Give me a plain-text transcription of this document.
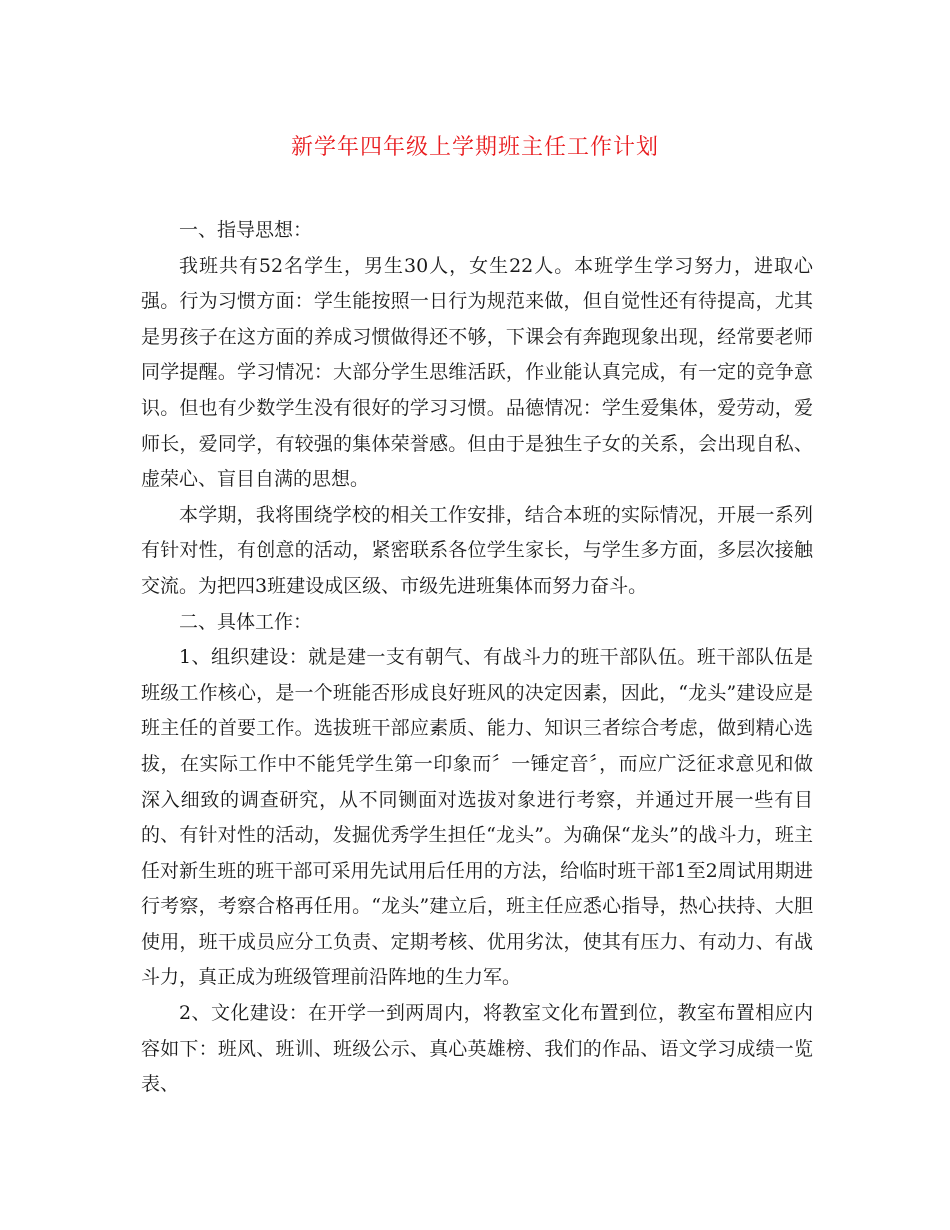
新学年四年级上学期班主任工作计划

一、指导思想：

我班共有52名学生，男生30人，女生22人。本班学生学习努力，进取心强。行为习惯方面：学生能按照一日行为规范来做，但自觉性还有待提高，尤其是男孩子在这方面的养成习惯做得还不够，下课会有奔跑现象出现，经常要老师同学提醒。学习情况：大部分学生思维活跃，作业能认真完成，有一定的竞争意识。但也有少数学生没有很好的学习习惯。品德情况：学生爱集体，爱劳动，爱师长，爱同学，有较强的集体荣誉感。但由于是独生子女的关系，会出现自私、虚荣心、盲目自满的思想。

本学期，我将围绕学校的相关工作安排，结合本班的实际情况，开展一系列有针对性，有创意的活动，紧密联系各位学生家长，与学生多方面，多层次接触交流。为把四3班建设成区级、市级先进班集体而努力奋斗。

二、具体工作：

1、组织建设：就是建一支有朝气、有战斗力的班干部队伍。班干部队伍是班级工作核心，是一个班能否形成良好班风的决定因素，因此，“龙头”建设应是班主任的首要工作。选拔班干部应素质、能力、知识三者综合考虑，做到精心选拔，在实际工作中不能凭学生第一印象而〞一锤定音〞，而应广泛征求意见和做深入细致的调查研究，从不同铡面对选拔对象进行考察，并通过开展一些有目的、有针对性的活动，发掘优秀学生担任“龙头”。为确保“龙头”的战斗力，班主任对新生班的班干部可采用先试用后任用的方法，给临时班干部1至2周试用期进行考察，考察合格再任用。“龙头”建立后，班主任应悉心指导，热心扶持、大胆使用，班干成员应分工负责、定期考核、优用劣汰，使其有压力、有动力、有战斗力，真正成为班级管理前沿阵地的生力军。

2、文化建设：在开学一到两周内，将教室文化布置到位，教室布置相应内容如下：班风、班训、班级公示、真心英雄榜、我们的作品、语文学习成绩一览表、
